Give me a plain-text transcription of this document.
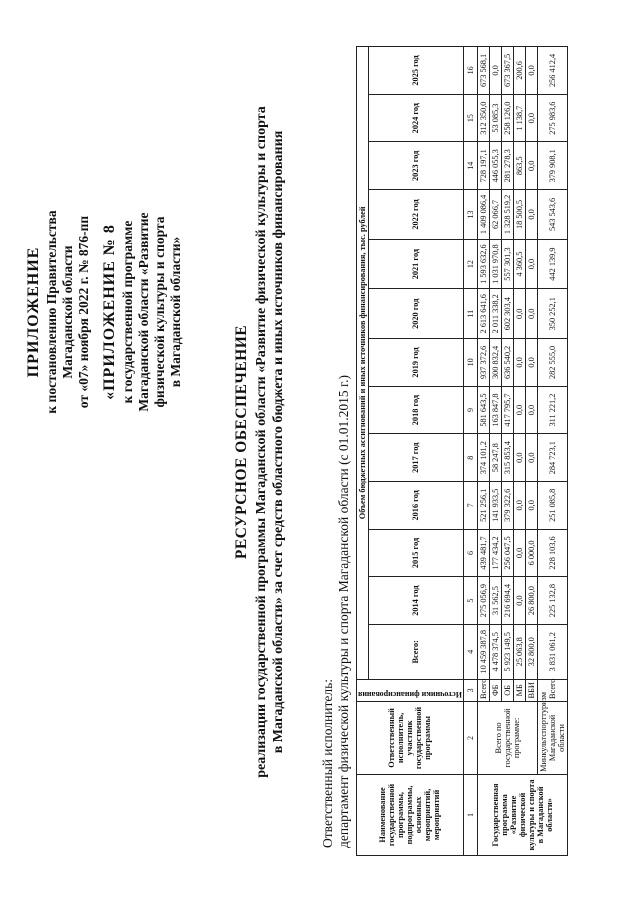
ПРИЛОЖЕНИЕ к постановлению Правительства Магаданской области от «07» ноября 2022 г. № 876-пп «ПРИЛОЖЕНИЕ № 8 к государственной программе Магаданской области «Развитие физической культуры и спорта в Магаданской области»
РЕСУРСНОЕ ОБЕСПЕЧЕНИЕ реализации государственной программы Магаданской области «Развитие физической культуры и спорта в Магаданской области» за счет средств областного бюджета и иных источников финансирования
Ответственный исполнитель: департамент физической культуры и спорта Магаданской области (с 01.01.2015 г.)	Наименование государственной программы, подпрограммы, основных мероприятий, мероприятий	Ответственный исполнитель, участник государственной программы	Источники финансирования	Объем бюджетных ассигнований и иных источников финансирования, тыс. рублей												
			Всего:	2014 год	2015 год	2016 год	2017 год	2018 год	2019 год	2020 год	2021 год	2022 год	2023 год	2024 год	2025 год

1	2	3	4	5	6	7	8	9	10	11	12	13	14	15	16
Государственная программа «Развитие физической культуры и спорта в Магаданской области»	Всего по государственной программе:	Всего	10 459 387,8	275 056,9	439 481,7	521 256,1	374 101,2	581 643,5	937 372,6	2 613 641,6	1 593 632,6	1 409 086,4	728 197,1	312 350,0	673 568,1
		ФБ	4 478 374,5	31 562,5	177 434,2	141 933,5	58 247,8	163 847,8	300 832,4	2 011 338,2	1 031 970,8	62 066,7	446 055,3	53 085,3	0,0
		ОБ	5 923 149,5	216 694,4	256 047,5	379 322,6	315 853,4	417 795,7	636 540,2	602 303,4	557 301,3	1 328 519,2	281 278,3	258 126,0	673 367,5
		МБ	25 063,8	0,0	0,0	0,0	0,0	0,0	0,0	0,0	4 360,5	18 500,5	863,5	1 138,7	200,6
		ВБИ	32 800,0	26 800,0	6 000,0	0,0	0,0	0,0	0,0	0,0	0,0	0,0	0,0	0,0	0,0
	Минкультспорттуризм Магаданской области	Всего	3 831 061,2	225 132,8	228 103,6	251 085,8	284 723,1	311 221,2	282 555,0	350 252,1	442 139,9	543 543,6	379 908,1	275 983,6	256 412,4
